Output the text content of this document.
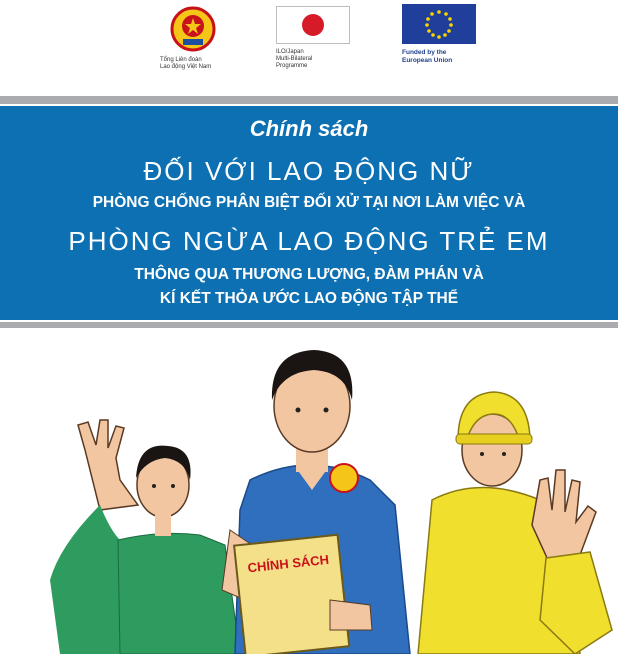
Tổng Liên đoàn
Lao động Việt Nam
ILO/Japan
Multi-Bilateral
Programme
Funded by the
European Union
Chính sách
ĐỐI VỚI LAO ĐỘNG NỮ
PHÒNG CHỐNG PHÂN BIỆT ĐỐI XỬ TẠI NƠI LÀM VIỆC VÀ
PHÒNG NGỪA LAO ĐỘNG TRẺ EM
THÔNG QUA THƯƠNG LƯỢNG, ĐÀM PHÁN VÀ
KÍ KẾT THỎA ƯỚC LAO ĐỘNG TẬP THỂ
CHÍNH SÁCH
